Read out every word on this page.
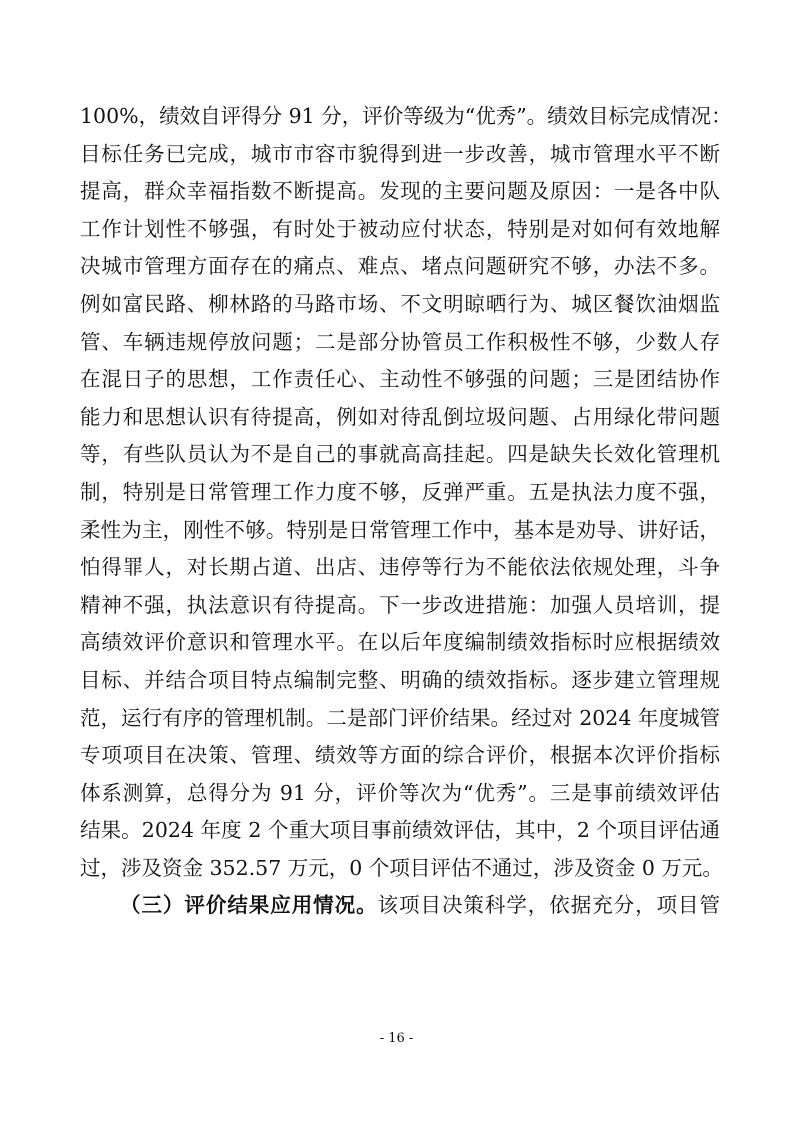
100%，绩效自评得分 91 分，评价等级为“优秀”。绩效目标完成情况：
目标任务已完成，城市市容市貌得到进一步改善，城市管理水平不断
提高，群众幸福指数不断提高。发现的主要问题及原因：一是各中队
工作计划性不够强，有时处于被动应付状态，特别是对如何有效地解
决城市管理方面存在的痛点、难点、堵点问题研究不够，办法不多。
例如富民路、柳林路的马路市场、不文明晾晒行为、城区餐饮油烟监
管、车辆违规停放问题；二是部分协管员工作积极性不够，少数人存
在混日子的思想，工作责任心、主动性不够强的问题；三是团结协作
能力和思想认识有待提高，例如对待乱倒垃圾问题、占用绿化带问题
等，有些队员认为不是自己的事就高高挂起。四是缺失长效化管理机
制，特别是日常管理工作力度不够，反弹严重。五是执法力度不强，
柔性为主，刚性不够。特别是日常管理工作中，基本是劝导、讲好话，
怕得罪人，对长期占道、出店、违停等行为不能依法依规处理，斗争
精神不强，执法意识有待提高。下一步改进措施：加强人员培训，提
高绩效评价意识和管理水平。在以后年度编制绩效指标时应根据绩效
目标、并结合项目特点编制完整、明确的绩效指标。逐步建立管理规
范，运行有序的管理机制。二是部门评价结果。经过对 2024 年度城管
专项项目在决策、管理、绩效等方面的综合评价，根据本次评价指标
体系测算，总得分为 91 分，评价等次为“优秀”。三是事前绩效评估
结果。2024 年度 2 个重大项目事前绩效评估，其中，2 个项目评估通
过，涉及资金 352.57 万元，0 个项目评估不通过，涉及资金 0 万元。
（三）评价结果应用情况。该项目决策科学，依据充分，项目管
- 16 -
